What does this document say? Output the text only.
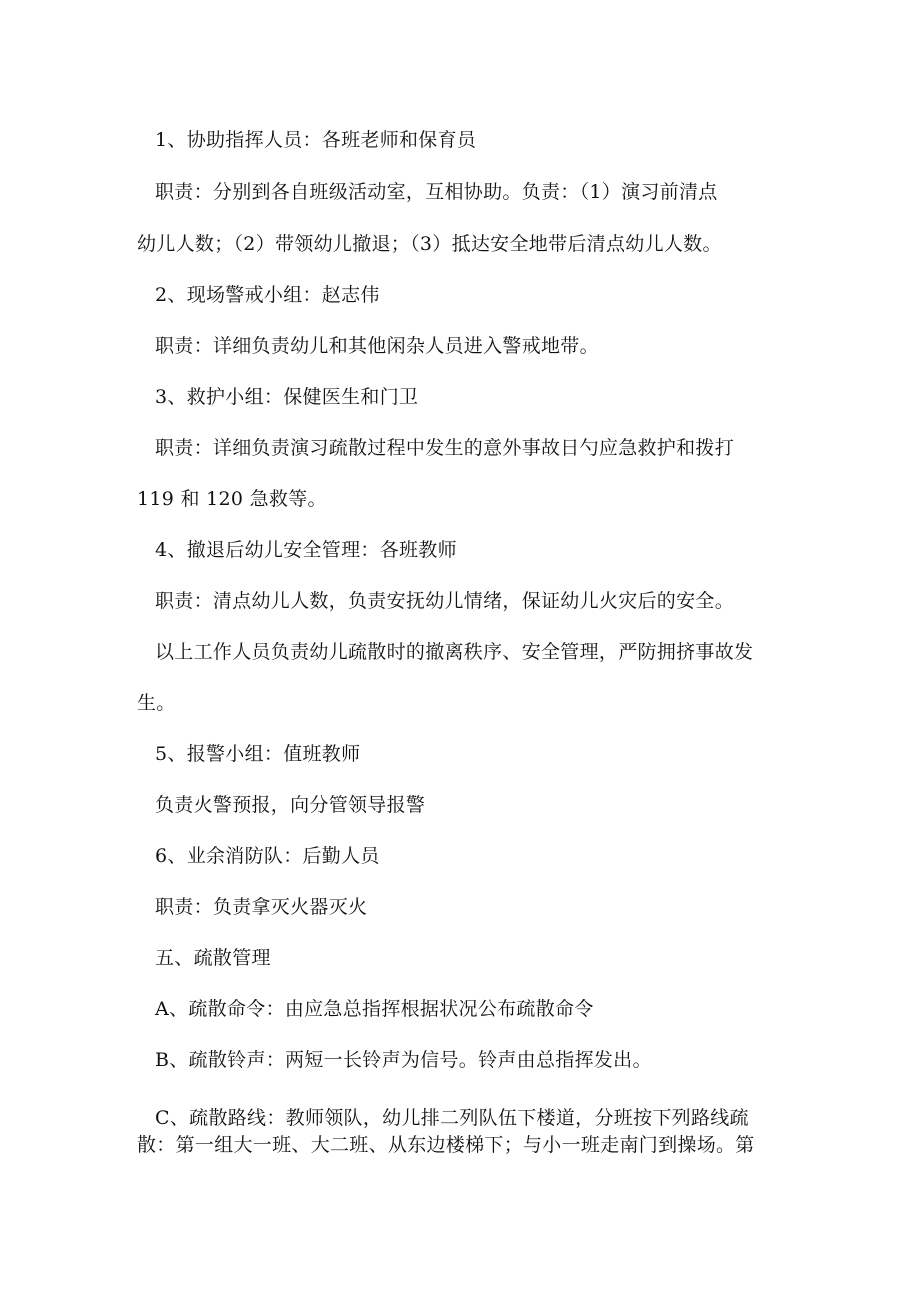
1、协助指挥人员：各班老师和保育员
职责：分别到各自班级活动室，互相协助。负责：（1）演习前清点
幼儿人数；（2）带领幼儿撤退；（3）抵达安全地带后清点幼儿人数。
2、现场警戒小组：赵志伟
职责：详细负责幼儿和其他闲杂人员进入警戒地带。
3、救护小组：保健医生和门卫
职责：详细负责演习疏散过程中发生的意外事故日勺应急救护和拨打
119 和 120 急救等。
4、撤退后幼儿安全管理：各班教师
职责：清点幼儿人数，负责安抚幼儿情绪，保证幼儿火灾后的安全。
以上工作人员负责幼儿疏散时的撤离秩序、安全管理，严防拥挤事故发
生。
5、报警小组：值班教师
负责火警预报，向分管领导报警
6、业余消防队：后勤人员
职责：负责拿灭火器灭火
五、疏散管理
A、疏散命令：由应急总指挥根据状况公布疏散命令
B、疏散铃声：两短一长铃声为信号。铃声由总指挥发出。
C、疏散路线：教师领队，幼儿排二列队伍下楼道，分班按下列路线疏
散：第一组大一班、大二班、从东边楼梯下；与小一班走南门到操场。第
